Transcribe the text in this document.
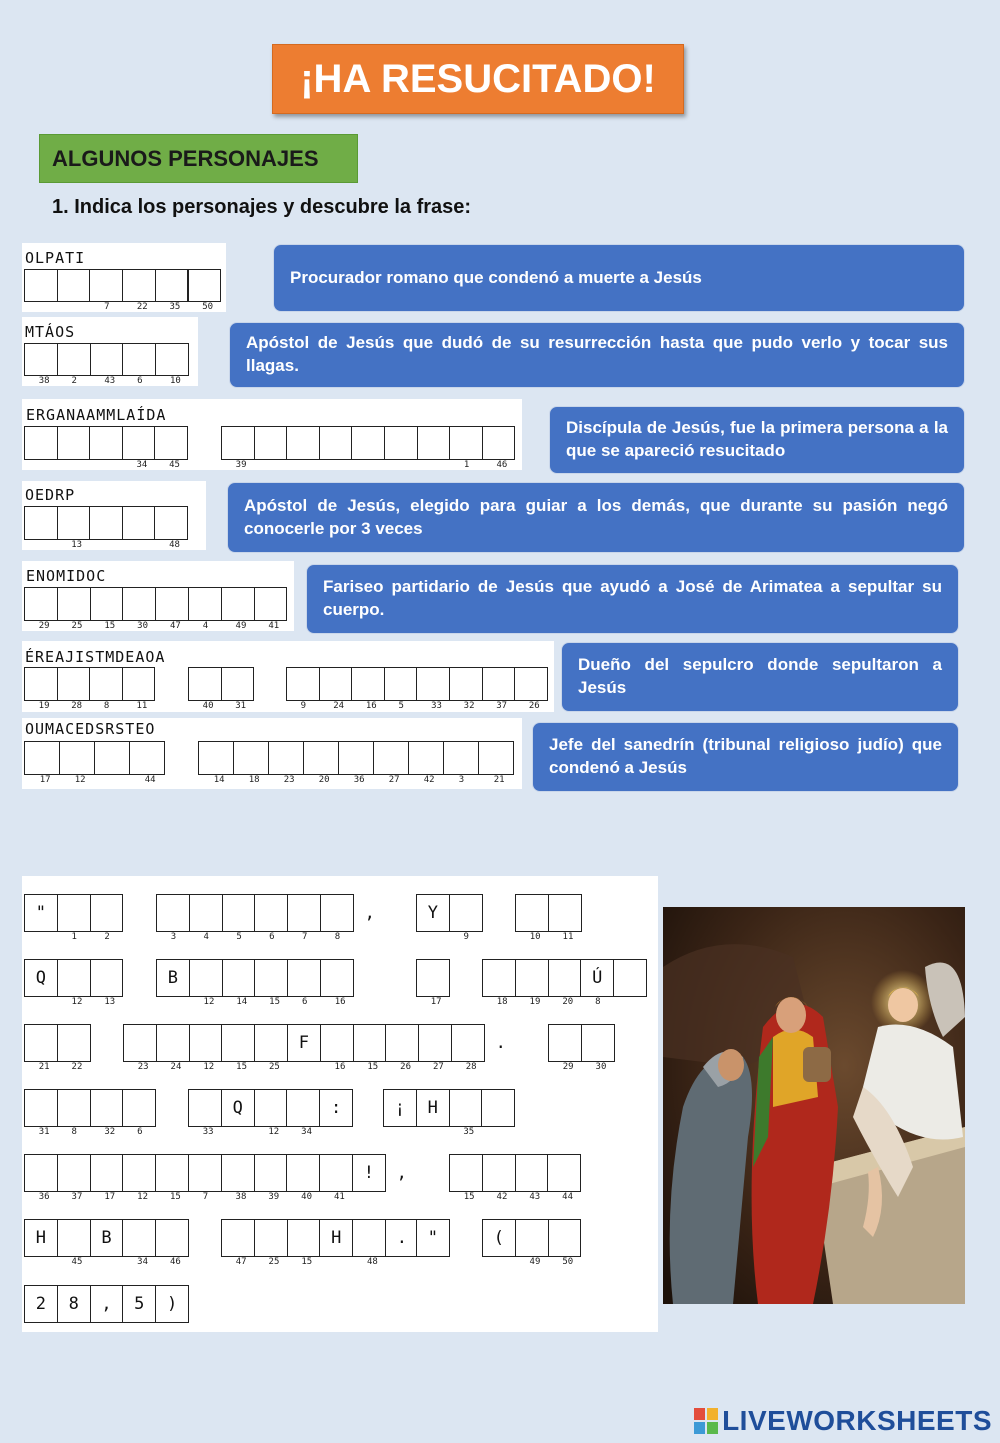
¡HA RESUCITADO!
ALGUNOS PERSONAJES
1. Indica los personajes y descubre la frase:
OLPATI
MTÁOS
ERGANAAMMLAÍDA
OEDRP
ENOMIDOC
ÉREAJISTMDEAOA
OUMACEDSRSTEO
Procurador romano que condenó a muerte a Jesús
Apóstol de Jesús que dudó de su resurrección hasta que pudo verlo y tocar sus llagas.
Discípula de Jesús, fue la primera persona a la que se apareció resucitado
Apóstol de Jesús, elegido para guiar a los demás, que durante su pasión negó conocerle por 3 veces
Fariseo partidario de Jesús que ayudó a José de Arimatea a sepultar su cuerpo.
Dueño del sepulcro donde sepultaron a Jesús
Jefe del sanedrín (tribunal religioso judío) que condenó a Jesús
7	22 35 50
38 2	43 6	10
34 45	39	1	46
13	48
29 25 15 30 47 4	49 41
19 28 8	11	40 31	9	24 16 5	33 32 37 26
17	12	44	14	18	23	20	36	27	42	3	21
"
1	2	3	4	5	6	7	8
,	Y
9	10 11
Q
12 13
B
12 14 15 6	16	17	18 19 20
Ú
8
21 22	23 24 12 15 25
F
16 15 26 27 28
.
29 30
31 8	32 6	33
Q
12 34
:	¡	H
35
36 37 17 12 15 7	38 39 40 41
!	,
15 42 43 44
H
45
B
34 46	47 25 15
H
48
.	"	(
49 50
2	8	,	5	)
LIVEWORKSHEETS
